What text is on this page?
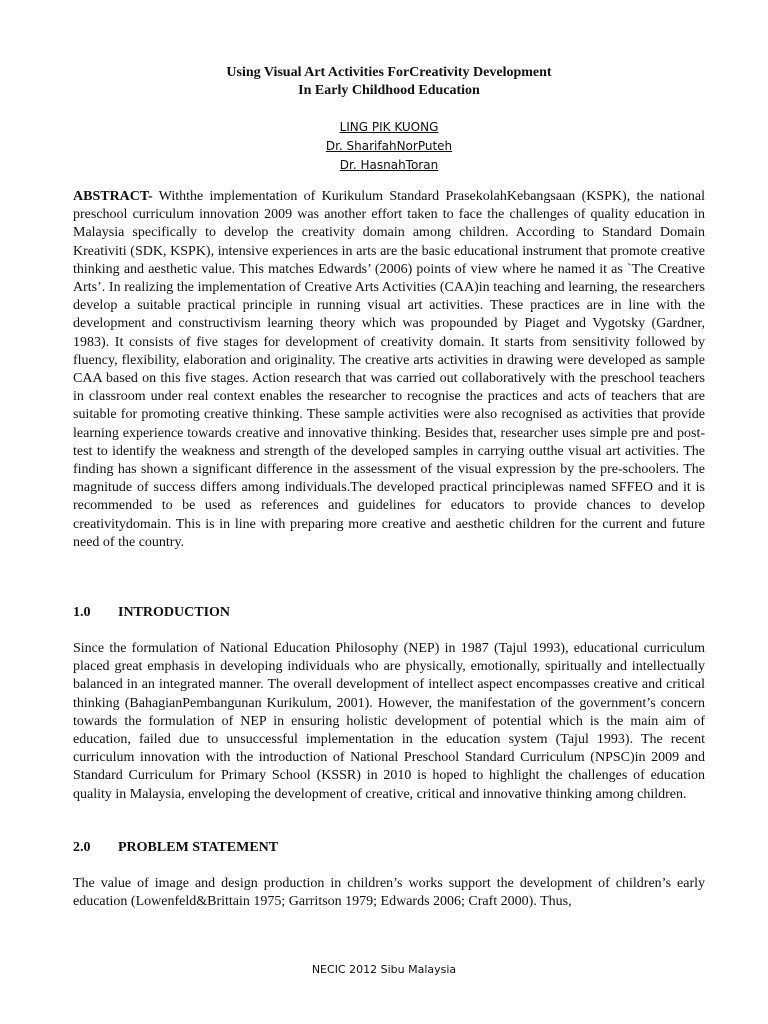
Using Visual Art Activities ForCreativity Development
In Early Childhood Education
LING PIK KUONG
Dr. SharifahNorPuteh
Dr. HasnahToran
ABSTRACT- Withthe implementation of Kurikulum Standard PrasekolahKebangsaan (KSPK), the national preschool curriculum innovation 2009 was another effort taken to face the challenges of quality education in Malaysia specifically to develop the creativity domain among children. According to Standard Domain Kreativiti (SDK, KSPK), intensive experiences in arts are the basic educational instrument that promote creative thinking and aesthetic value. This matches Edwards’ (2006) points of view where he named it as `The Creative Arts’. In realizing the implementation of Creative Arts Activities (CAA)in teaching and learning, the researchers develop a suitable practical principle in running visual art activities. These practices are in line with the development and constructivism learning theory which was propounded by Piaget and Vygotsky (Gardner, 1983). It consists of five stages for development of creativity domain. It starts from sensitivity followed by fluency, flexibility, elaboration and originality. The creative arts activities in drawing were developed as sample CAA based on this five stages. Action research that was carried out collaboratively with the preschool teachers in classroom under real context enables the researcher to recognise the practices and acts of teachers that are suitable for promoting creative thinking. These sample activities were also recognised as activities that provide learning experience towards creative and innovative thinking. Besides that, researcher uses simple pre and post-test to identify the weakness and strength of the developed samples in carrying outthe visual art activities. The finding has shown a significant difference in the assessment of the visual expression by the pre-schoolers. The magnitude of success differs among individuals.The developed practical principlewas named SFFEO and it is recommended to be used as references and guidelines for educators to provide chances to develop creativitydomain. This is in line with preparing more creative and aesthetic children for the current and future need of the country.
1.0 INTRODUCTION
Since the formulation of National Education Philosophy (NEP) in 1987 (Tajul 1993), educational curriculum placed great emphasis in developing individuals who are physically, emotionally, spiritually and intellectually balanced in an integrated manner. The overall development of intellect aspect encompasses creative and critical thinking (BahagianPembangunan Kurikulum, 2001). However, the manifestation of the government’s concern towards the formulation of NEP in ensuring holistic development of potential which is the main aim of education, failed due to unsuccessful implementation in the education system (Tajul 1993). The recent curriculum innovation with the introduction of National Preschool Standard Curriculum (NPSC)in 2009 and Standard Curriculum for Primary School (KSSR) in 2010 is hoped to highlight the challenges of education quality in Malaysia, enveloping the development of creative, critical and innovative thinking among children.
2.0 PROBLEM STATEMENT
The value of image and design production in children’s works support the development of children’s early education (Lowenfeld&Brittain 1975; Garritson 1979; Edwards 2006; Craft 2000). Thus,
NECIC 2012 Sibu Malaysia
